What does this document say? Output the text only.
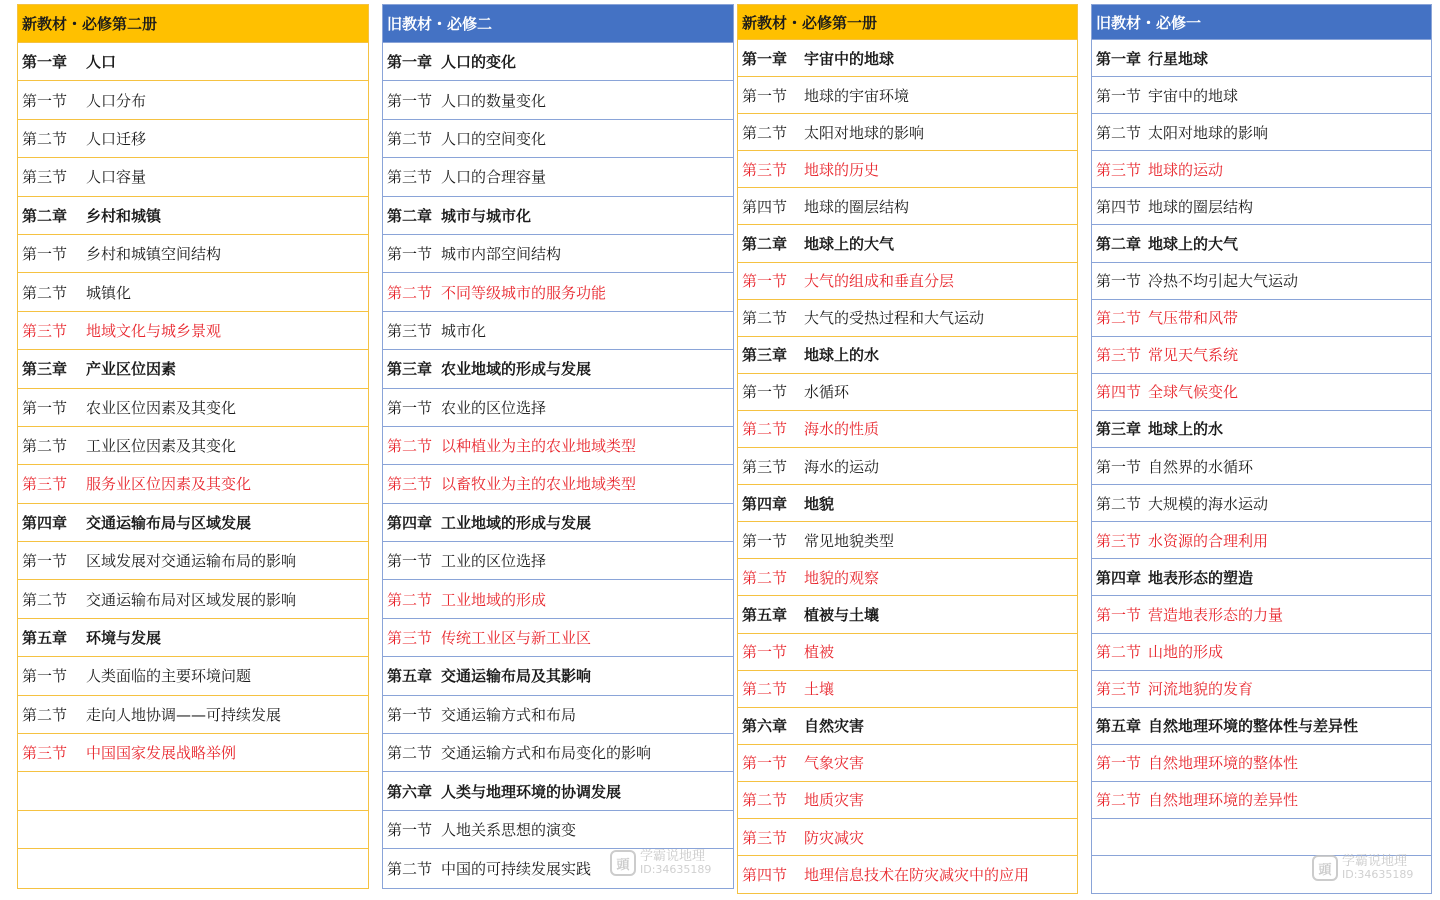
新教材・必修第二册
第一章	人口
第一节	人口分布
第二节	人口迁移
第三节	人口容量
第二章	乡村和城镇
第一节	乡村和城镇空间结构
第二节	城镇化
第三节	地域文化与城乡景观
第三章	产业区位因素
第一节	农业区位因素及其变化
第二节	工业区位因素及其变化
第三节	服务业区位因素及其变化
第四章	交通运输布局与区域发展
第一节	区域发展对交通运输布局的影响
第二节	交通运输布局对区域发展的影响
第五章	环境与发展
第一节	人类面临的主要环境问题
第二节	走向人地协调——可持续发展
第三节	中国国家发展战略举例
旧教材・必修二
第一章 人口的变化
第一节 人口的数量变化
第二节 人口的空间变化
第三节 人口的合理容量
第二章 城市与城市化
第一节 城市内部空间结构
第二节 不同等级城市的服务功能
第三节 城市化
第三章 农业地域的形成与发展
第一节 农业的区位选择
第二节 以种植业为主的农业地域类型
第三节 以畜牧业为主的农业地域类型
第四章 工业地域的形成与发展
第一节 工业的区位选择
第二节 工业地域的形成
第三节 传统工业区与新工业区
第五章 交通运输布局及其影响
第一节 交通运输方式和布局
第二节 交通运输方式和布局变化的影响
第六章 人类与地理环境的协调发展
第一节 人地关系思想的演变
第二节 中国的可持续发展实践
新教材・必修第一册
第一章	宇宙中的地球
第一节	地球的宇宙环境
第二节	太阳对地球的影响
第三节	地球的历史
第四节	地球的圈层结构
第二章	地球上的大气
第一节	大气的组成和垂直分层
第二节	大气的受热过程和大气运动
第三章	地球上的水
第一节	水循环
第二节	海水的性质
第三节	海水的运动
第四章	地貌
第一节	常见地貌类型
第二节	地貌的观察
第五章	植被与土壤
第一节	植被
第二节	土壤
第六章	自然灾害
第一节	气象灾害
第二节	地质灾害
第三节	防灾减灾
第四节	地理信息技术在防灾减灾中的应用
旧教材・必修一
第一章 行星地球
第一节 宇宙中的地球
第二节 太阳对地球的影响
第三节 地球的运动
第四节 地球的圈层结构
第二章 地球上的大气
第一节 冷热不均引起大气运动
第二节 气压带和风带
第三节 常见天气系统
第四节 全球气候变化
第三章 地球上的水
第一节 自然界的水循环
第二节 大规模的海水运动
第三节 水资源的合理利用
第四章 地表形态的塑造
第一节 营造地表形态的力量
第二节 山地的形成
第三节 河流地貌的发育
第五章 自然地理环境的整体性与差异性
第一节 自然地理环境的整体性
第二节 自然地理环境的差异性
頭
学霸说地理
ID:34635189	頭
学霸说地理
ID:34635189
